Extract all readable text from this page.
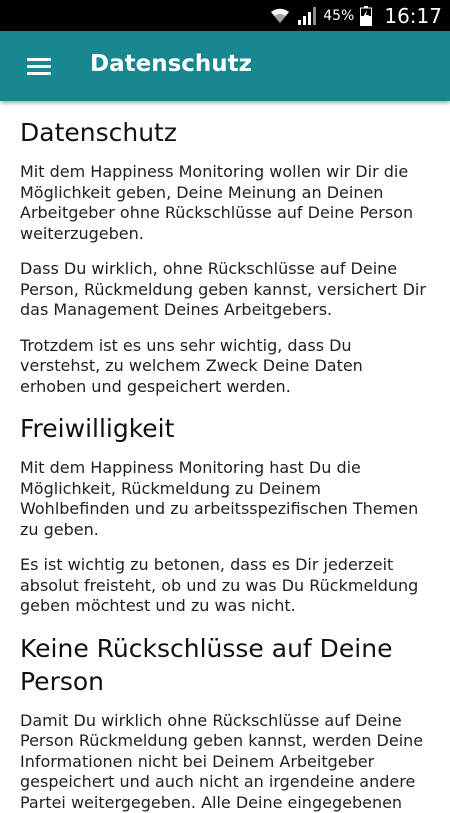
45% 16:17
Datenschutz
Datenschutz

Mit dem Happiness Monitoring wollen wir Dir die Möglichkeit geben, Deine Meinung an Deinen Arbeitgeber ohne Rückschlüsse auf Deine Person weiterzugeben.

Dass Du wirklich, ohne Rückschlüsse auf Deine Person, Rückmeldung geben kannst, versichert Dir das Management Deines Arbeitgebers.

Trotzdem ist es uns sehr wichtig, dass Du verstehst, zu welchem Zweck Deine Daten erhoben und gespeichert werden.

Freiwilligkeit

Mit dem Happiness Monitoring hast Du die Möglichkeit, Rückmeldung zu Deinem Wohlbefinden und zu arbeitsspezifischen Themen zu geben.

Es ist wichtig zu betonen, dass es Dir jederzeit absolut freisteht, ob und zu was Du Rückmeldung geben möchtest und zu was nicht.

Keine Rückschlüsse auf Deine Person

Damit Du wirklich ohne Rückschlüsse auf Deine Person Rückmeldung geben kannst, werden Deine Informationen nicht bei Deinem Arbeitgeber gespeichert und auch nicht an irgendeine andere Partei weitergegeben. Alle Deine eingegebenen
